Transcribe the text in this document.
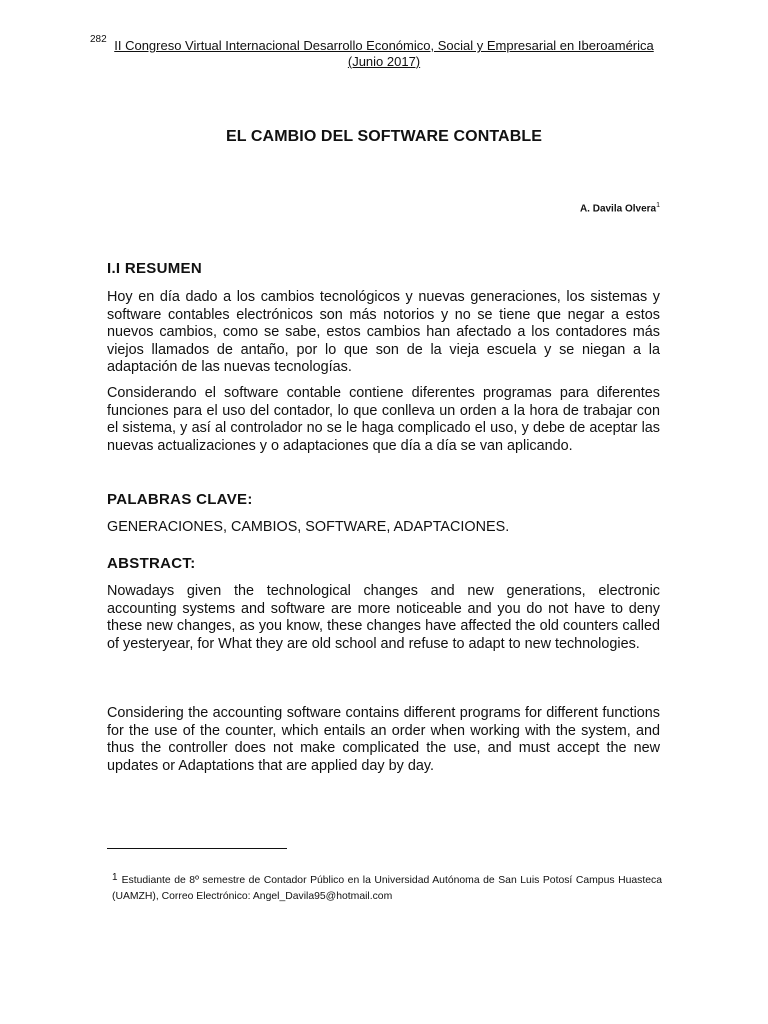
282 II Congreso Virtual Internacional Desarrollo Económico, Social y Empresarial en Iberoamérica
(Junio 2017)
EL CAMBIO DEL SOFTWARE CONTABLE
A. Davila Olvera$^1$
I.I RESUMEN
Hoy en día dado a los cambios tecnológicos y nuevas generaciones, los sistemas y software contables electrónicos son más notorios y no se tiene que negar a estos nuevos cambios, como se sabe, estos cambios han afectado a los contadores más viejos llamados de antaño, por lo que son de la vieja escuela y se niegan a la adaptación de las nuevas tecnologías.
Considerando el software contable contiene diferentes programas para diferentes funciones para el uso del contador, lo que conlleva un orden a la hora de trabajar con el sistema, y así al controlador no se le haga complicado el uso, y debe de aceptar las nuevas actualizaciones y o adaptaciones que día a día se van aplicando.
PALABRAS CLAVE:
GENERACIONES, CAMBIOS, SOFTWARE, ADAPTACIONES.
ABSTRACT:
Nowadays given the technological changes and new generations, electronic accounting systems and software are more noticeable and you do not have to deny these new changes, as you know, these changes have affected the old counters called of yesteryear, for What they are old school and refuse to adapt to new technologies.
Considering the accounting software contains different programs for different functions for the use of the counter, which entails an order when working with the system, and thus the controller does not make complicated the use, and must accept the new updates or Adaptations that are applied day by day.
1 Estudiante de 8º semestre de Contador Público en la Universidad Autónoma de San Luis Potosí Campus Huasteca (UAMZH), Correo Electrónico: Angel_Davila95@hotmail.com
